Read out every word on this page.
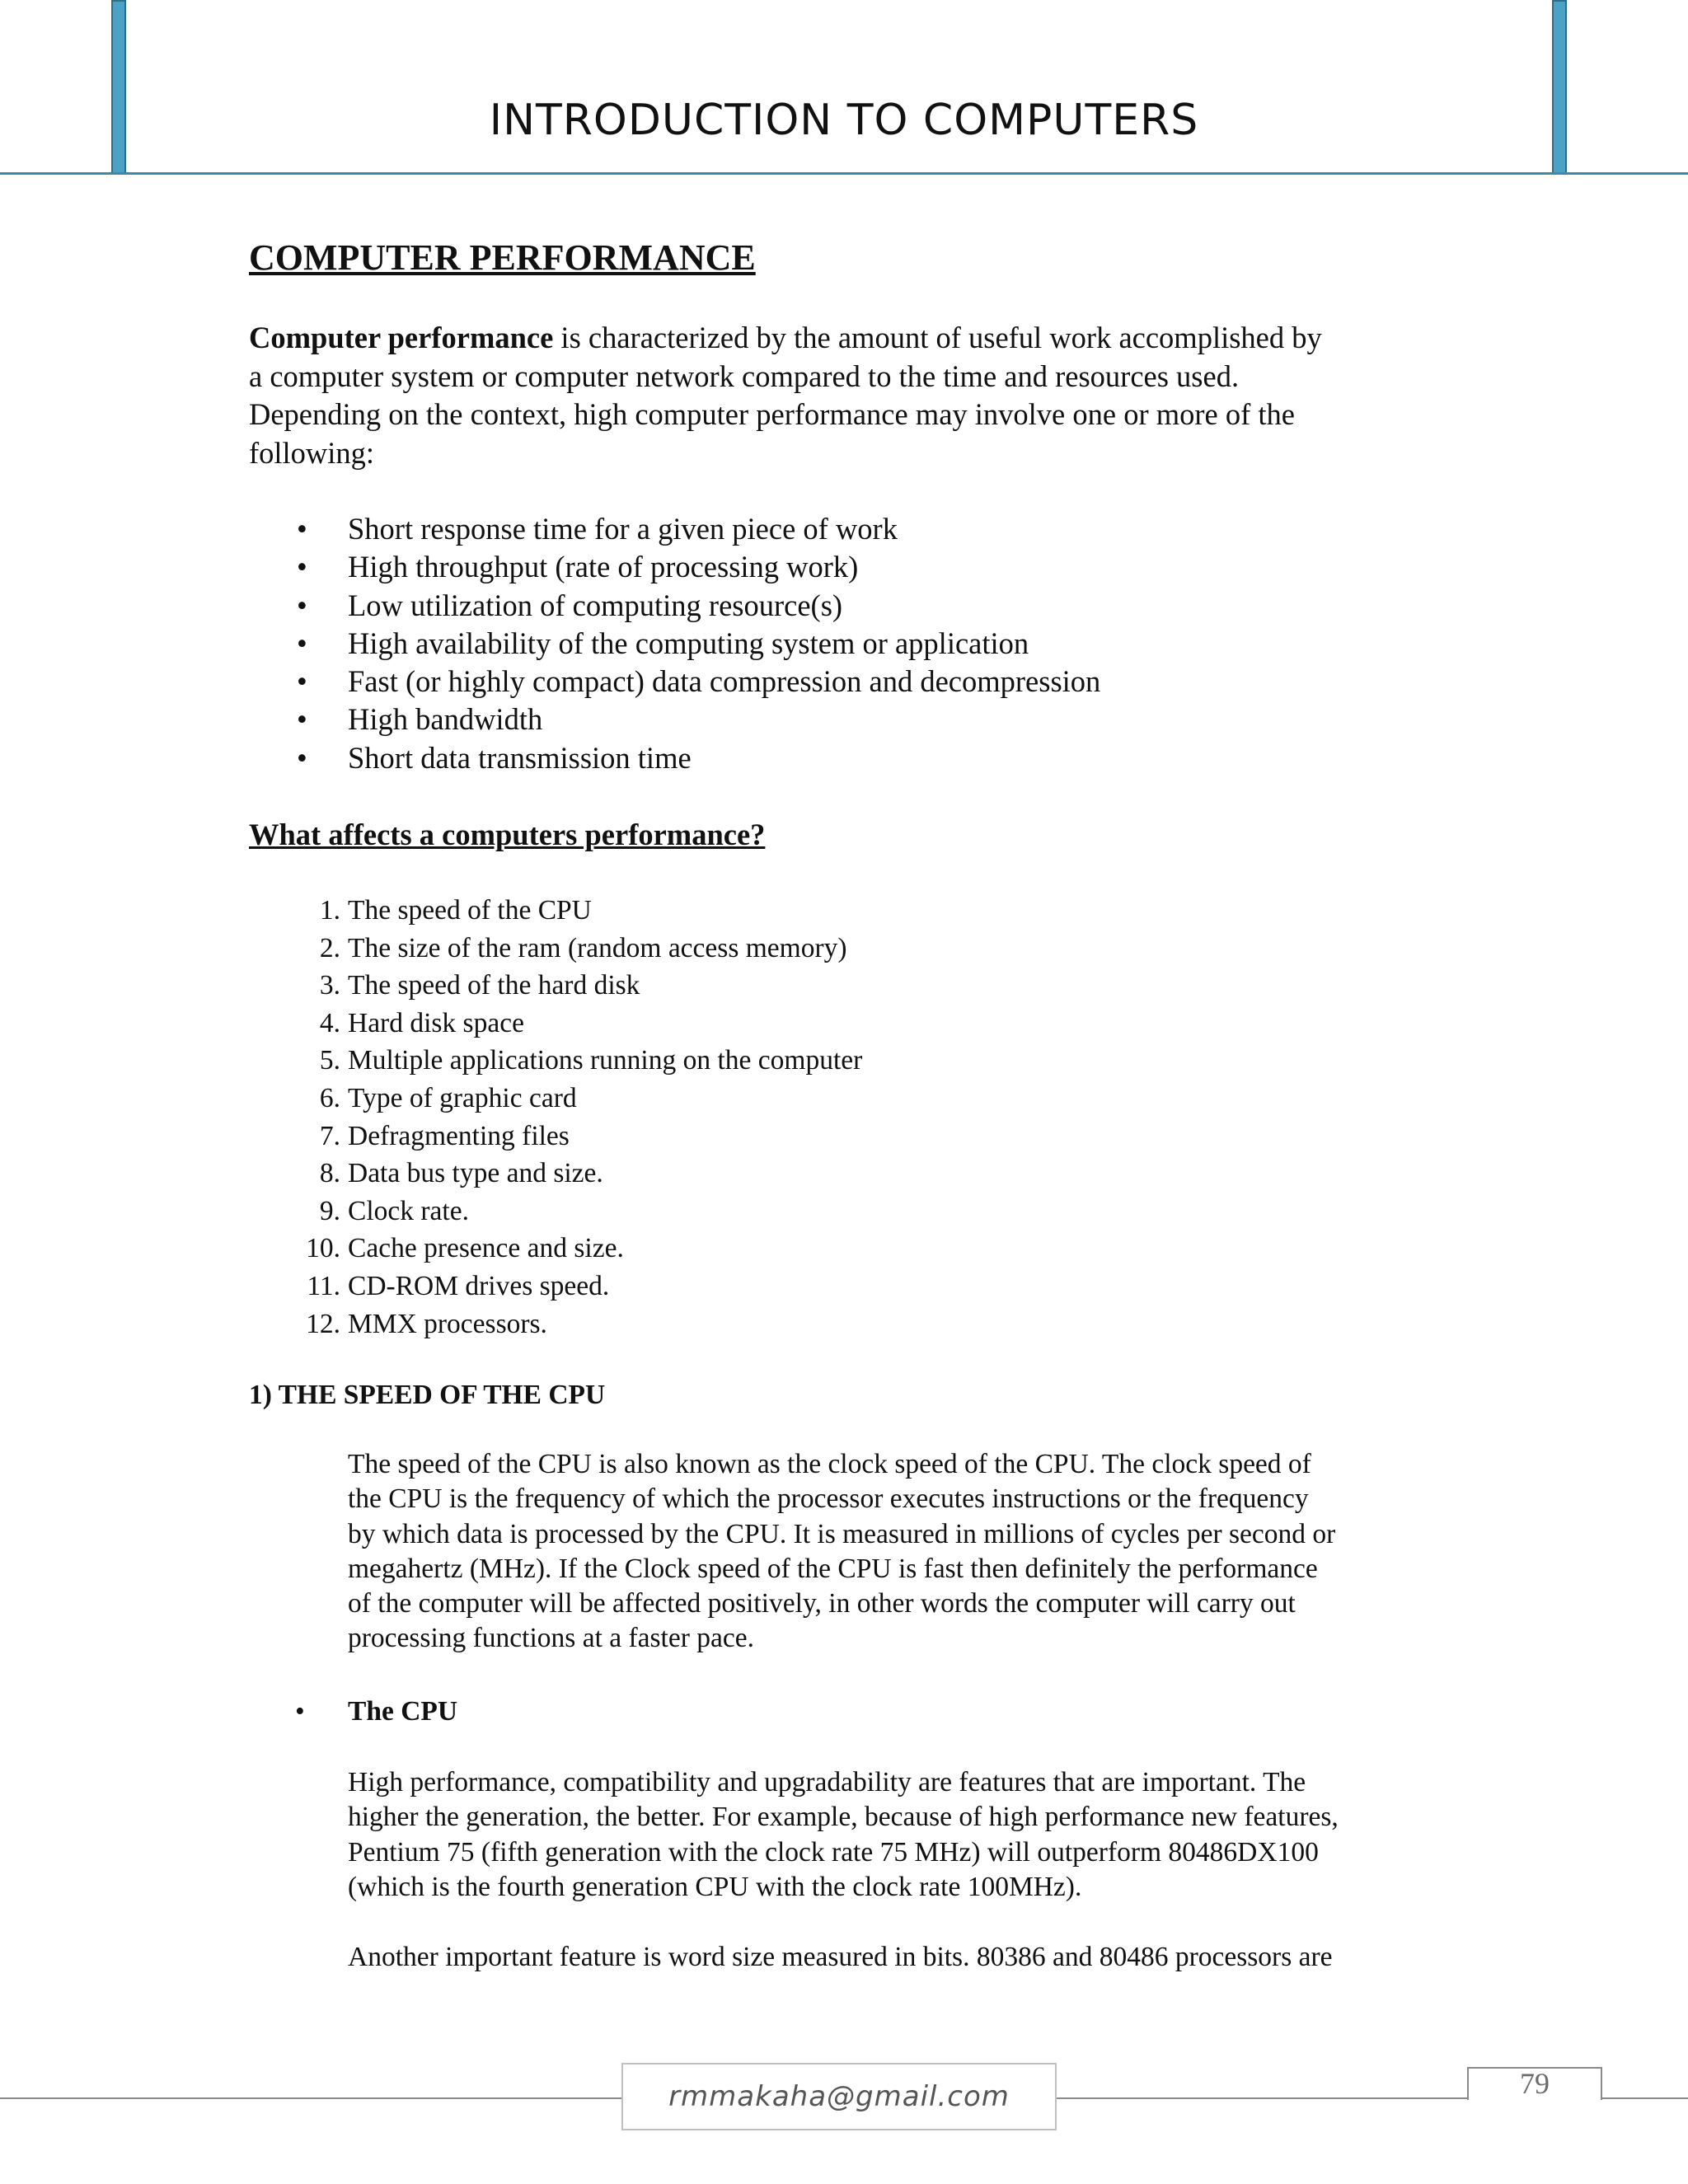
INTRODUCTION TO COMPUTERS
COMPUTER PERFORMANCE
Computer performance is characterized by the amount of useful work accomplished by
a computer system or computer network compared to the time and resources used.
Depending on the context, high computer performance may involve one or more of the
following:
• Short response time for a given piece of work
• High throughput (rate of processing work)
• Low utilization of computing resource(s)
• High availability of the computing system or application
• Fast (or highly compact) data compression and decompression
• High bandwidth
• Short data transmission time
What affects a computers performance?
1. The speed of the CPU
2. The size of the ram (random access memory)
3. The speed of the hard disk
4. Hard disk space
5. Multiple applications running on the computer
6. Type of graphic card
7. Defragmenting files
8. Data bus type and size.
9. Clock rate.
10. Cache presence and size.
11. CD-ROM drives speed.
12. MMX processors.
1) THE SPEED OF THE CPU
The speed of the CPU is also known as the clock speed of the CPU. The clock speed of
the CPU is the frequency of which the processor executes instructions or the frequency
by which data is processed by the CPU. It is measured in millions of cycles per second or
megahertz (MHz). If the Clock speed of the CPU is fast then definitely the performance
of the computer will be affected positively, in other words the computer will carry out
processing functions at a faster pace.
• The CPU
High performance, compatibility and upgradability are features that are important. The
higher the generation, the better. For example, because of high performance new features,
Pentium 75 (fifth generation with the clock rate 75 MHz) will outperform 80486DX100
(which is the fourth generation CPU with the clock rate 100MHz).
Another important feature is word size measured in bits. 80386 and 80486 processors are
rmmakaha@gmail.com	79
